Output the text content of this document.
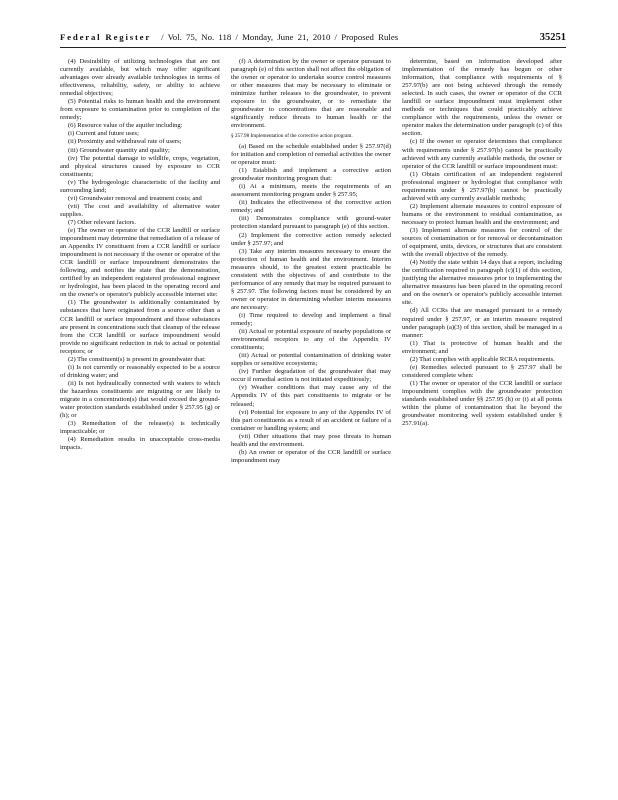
Federal Register / Vol. 75, No. 118 / Monday, June 21, 2010 / Proposed Rules	35251

(4) Desirability of utilizing technologies that are not currently available, but which may offer significant advantages over already available technologies in terms of effectiveness, reliability, safety, or ability to achieve remedial objectives;

(5) Potential risks to human health and the environment from exposure to contamination prior to completion of the remedy;

(6) Resource value of the aquifer including:

(i) Current and future uses;

(ii) Proximity and withdrawal rate of users;

(iii) Groundwater quantity and quality;

(iv) The potential damage to wildlife, crops, vegetation, and physical structures caused by exposure to CCR constituents;

(v) The hydrogeologic characteristic of the facility and surrounding land;

(vi) Groundwater removal and treatment costs; and

(vii) The cost and availability of alternative water supplies.

(7) Other relevant factors.

(e) The owner or operator of the CCR landfill or surface impoundment may determine that remediation of a release of an Appendix IV constituent from a CCR landfill or surface impoundment is not necessary if the owner or operator of the CCR landfill or surface impoundment demonstrates the following, and notifies the state that the demonstration, certified by an independent registered professional engineer or hydrologist, has been placed in the operating record and on the owner's or operator's publicly accessible internet site:

(1) The groundwater is additionally contaminated by substances that have originated from a source other than a CCR landfill or surface impoundment and those substances are present in concentrations such that cleanup of the release from the CCR landfill or surface impoundment would provide no significant reduction in risk to actual or potential receptors; or

(2) The constituent(s) is present in groundwater that:

(i) Is not currently or reasonably expected to be a source of drinking water; and

(ii) Is not hydraulically connected with waters to which the hazardous constituents are migrating or are likely to migrate in a concentration(s) that would exceed the ground-water protection standards established under § 257.95 (g) or (h); or

(3) Remediation of the release(s) is technically impracticable; or

(4) Remediation results in unacceptable cross-media impacts.

(f) A determination by the owner or operator pursuant to paragraph (e) of this section shall not affect the obligation of the owner or operator to undertake source control measures or other measures that may be necessary to eliminate or minimize further releases to the groundwater, to prevent exposure to the groundwater, or to remediate the groundwater to concentrations that are reasonable and significantly reduce threats to human health or the environment.

§ 257.98 Implementation of the corrective action program.

(a) Based on the schedule established under § 257.97(d) for initiation and completion of remedial activities the owner or operator must:

(1) Establish and implement a corrective action groundwater monitoring program that:

(i) At a minimum, meets the requirements of an assessment monitoring program under § 257.95;

(ii) Indicates the effectiveness of the corrective action remedy; and

(iii) Demonstrates compliance with ground-water protection standard pursuant to paragraph (e) of this section.

(2) Implement the corrective action remedy selected under § 257.97; and

(3) Take any interim measures necessary to ensure the protection of human health and the environment. Interim measures should, to the greatest extent practicable be consistent with the objectives of and contribute to the performance of any remedy that may be required pursuant to § 257.97. The following factors must be considered by an owner or operator in determining whether interim measures are necessary:

(i) Time required to develop and implement a final remedy;

(ii) Actual or potential exposure of nearby populations or environmental receptors to any of the Appendix IV constituents;

(iii) Actual or potential contamination of drinking water supplies or sensitive ecosystems;

(iv) Further degradation of the groundwater that may occur if remedial action is not initiated expeditiously;

(v) Weather conditions that may cause any of the Appendix IV of this part constituents to migrate or be released;

(vi) Potential for exposure to any of the Appendix IV of this part constituents as a result of an accident or failure of a container or handling system; and

(vii) Other situations that may pose threats to human health and the environment.

(b) An owner or operator of the CCR landfill or surface impoundment may

determine, based on information developed after implementation of the remedy has begun or other information, that compliance with requirements of § 257.97(b) are not being achieved through the remedy selected. In such cases, the owner or operator of the CCR landfill or surface impoundment must implement other methods or techniques that could practicably achieve compliance with the requirements, unless the owner or operator makes the determination under paragraph (c) of this section.

(c) If the owner or operator determines that compliance with requirements under § 257.97(b) cannot be practically achieved with any currently available methods, the owner or operator of the CCR landfill or surface impoundment must:

(1) Obtain certification of an independent registered professional engineer or hydrologist that compliance with requirements under § 257.97(b) cannot be practically achieved with any currently available methods;

(2) Implement alternate measures to control exposure of humans or the environment to residual contamination, as necessary to protect human health and the environment; and

(3) Implement alternate measures for control of the sources of contamination or for removal or decontamination of equipment, units, devices, or structures that are consistent with the overall objective of the remedy.

(4) Notify the state within 14 days that a report, including the certification required in paragraph (c)(1) of this section, justifying the alternative measures prior to implementing the alternative measures has been placed in the operating record and on the owner's or operator's publicly accessible internet site.

(d) All CCRs that are managed pursuant to a remedy required under § 257.97, or an interim measure required under paragraph (a)(3) of this section, shall be managed in a manner:

(1) That is protective of human health and the environment; and

(2) That complies with applicable RCRA requirements.

(e) Remedies selected pursuant to § 257.97 shall be considered complete when:

(1) The owner or operator of the CCR landfill or surface impoundment complies with the groundwater protection standards established under §§ 257.95 (h) or (i) at all points within the plume of contamination that lie beyond the groundwater monitoring well system established under § 257.91(a).
